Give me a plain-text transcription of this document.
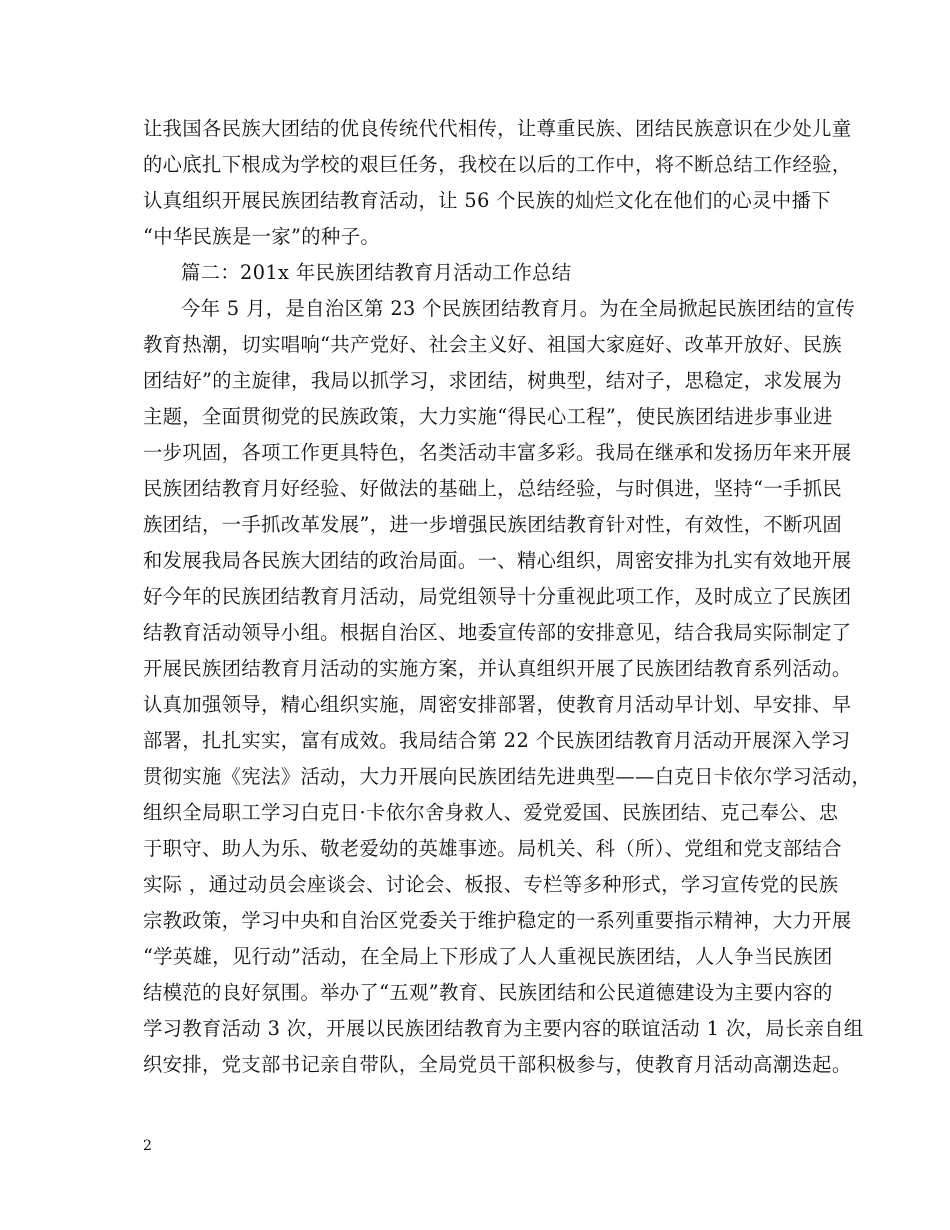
让我国各民族大团结的优良传统代代相传，让尊重民族、团结民族意识在少处儿童
的心底扎下根成为学校的艰巨任务，我校在以后的工作中，将不断总结工作经验，
认真组织开展民族团结教育活动，让 56 个民族的灿烂文化在他们的心灵中播下
“中华民族是一家”的种子。
篇二：201x 年民族团结教育月活动工作总结
今年 5 月，是自治区第 23 个民族团结教育月。为在全局掀起民族团结的宣传
教育热潮，切实唱响“共产党好、社会主义好、祖国大家庭好、改革开放好、民族
团结好”的主旋律，我局以抓学习，求团结，树典型，结对子，思稳定，求发展为
主题，全面贯彻党的民族政策，大力实施“得民心工程”，使民族团结进步事业进
一步巩固，各项工作更具特色，名类活动丰富多彩。我局在继承和发扬历年来开展
民族团结教育月好经验、好做法的基础上，总结经验，与时俱进，坚持“一手抓民
族团结，一手抓改革发展”，进一步增强民族团结教育针对性，有效性，不断巩固
和发展我局各民族大团结的政治局面。一、精心组织，周密安排为扎实有效地开展
好今年的民族团结教育月活动，局党组领导十分重视此项工作，及时成立了民族团
结教育活动领导小组。根据自治区、地委宣传部的安排意见，结合我局实际制定了
开展民族团结教育月活动的实施方案，并认真组织开展了民族团结教育系列活动。
认真加强领导，精心组织实施，周密安排部署，使教育月活动早计划、早安排、早
部署，扎扎实实，富有成效。我局结合第 22 个民族团结教育月活动开展深入学习
贯彻实施《宪法》活动，大力开展向民族团结先进典型——白克日卡依尔学习活动，
组织全局职工学习白克日·卡依尔舍身救人、爱党爱国、民族团结、克己奉公、忠
于职守、助人为乐、敬老爱幼的英雄事迹。局机关、科（所）、党组和党支部结合
实际 ，通过动员会座谈会、讨论会、板报、专栏等多种形式，学习宣传党的民族
宗教政策，学习中央和自治区党委关于维护稳定的一系列重要指示精神，大力开展
“学英雄，见行动”活动，在全局上下形成了人人重视民族团结，人人争当民族团
结模范的良好氛围。举办了“五观”教育、民族团结和公民道德建设为主要内容的
学习教育活动 3 次，开展以民族团结教育为主要内容的联谊活动 1 次，局长亲自组
织安排，党支部书记亲自带队，全局党员干部积极参与，使教育月活动高潮迭起。
2
